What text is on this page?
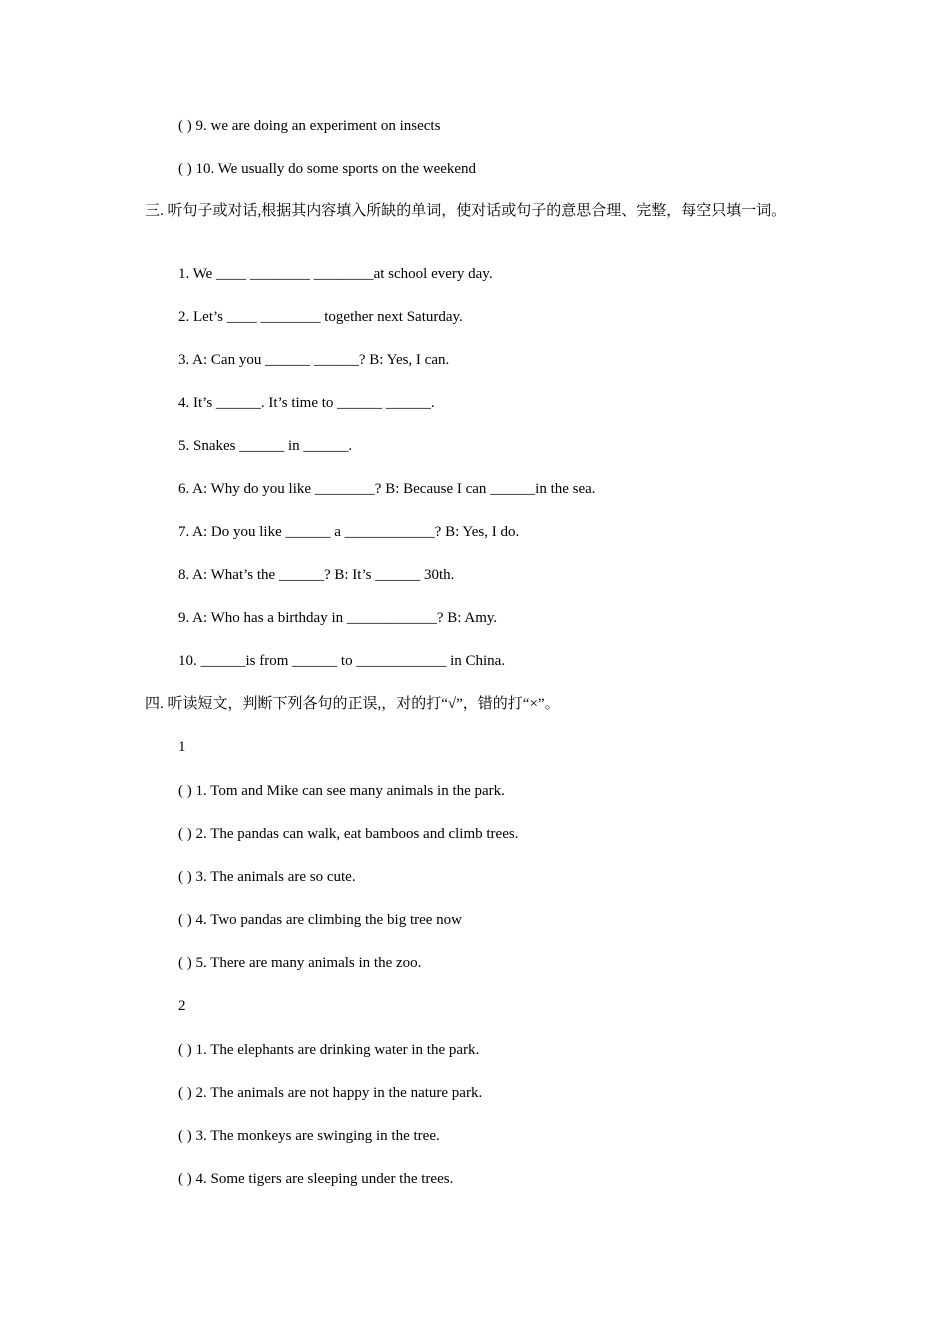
( ) 9. we are doing an experiment on insects
( ) 10. We usually do some sports on the weekend
三. 听句子或对话,根据其内容填入所缺的单词，使对话或句子的意思合理、完整，每空只填一词。
1. We ____ ________ ________at school every day.
2. Let’s ____ ________ together next Saturday.
3. A: Can you ______ ______? B: Yes, I can.
4. It’s ______. It’s time to ______ ______.
5. Snakes ______ in ______.
6. A: Why do you like ________? B: Because I can ______in the sea.
7. A: Do you like ______ a ____________? B: Yes, I do.
8. A: What’s the ______? B: It’s ______ 30th.
9. A: Who has a birthday in ____________? B: Amy.
10. ______is from ______ to ____________ in China.
四. 听读短文，判断下列各句的正误,，对的打“√”，错的打“×”。
1
( ) 1. Tom and Mike can see many animals in the park.
( ) 2. The pandas can walk, eat bamboos and climb trees.
( ) 3. The animals are so cute.
( ) 4. Two pandas are climbing the big tree now
( ) 5. There are many animals in the zoo.
2
( ) 1. The elephants are drinking water in the park.
( ) 2. The animals are not happy in the nature park.
( ) 3. The monkeys are swinging in the tree.
( ) 4. Some tigers are sleeping under the trees.
